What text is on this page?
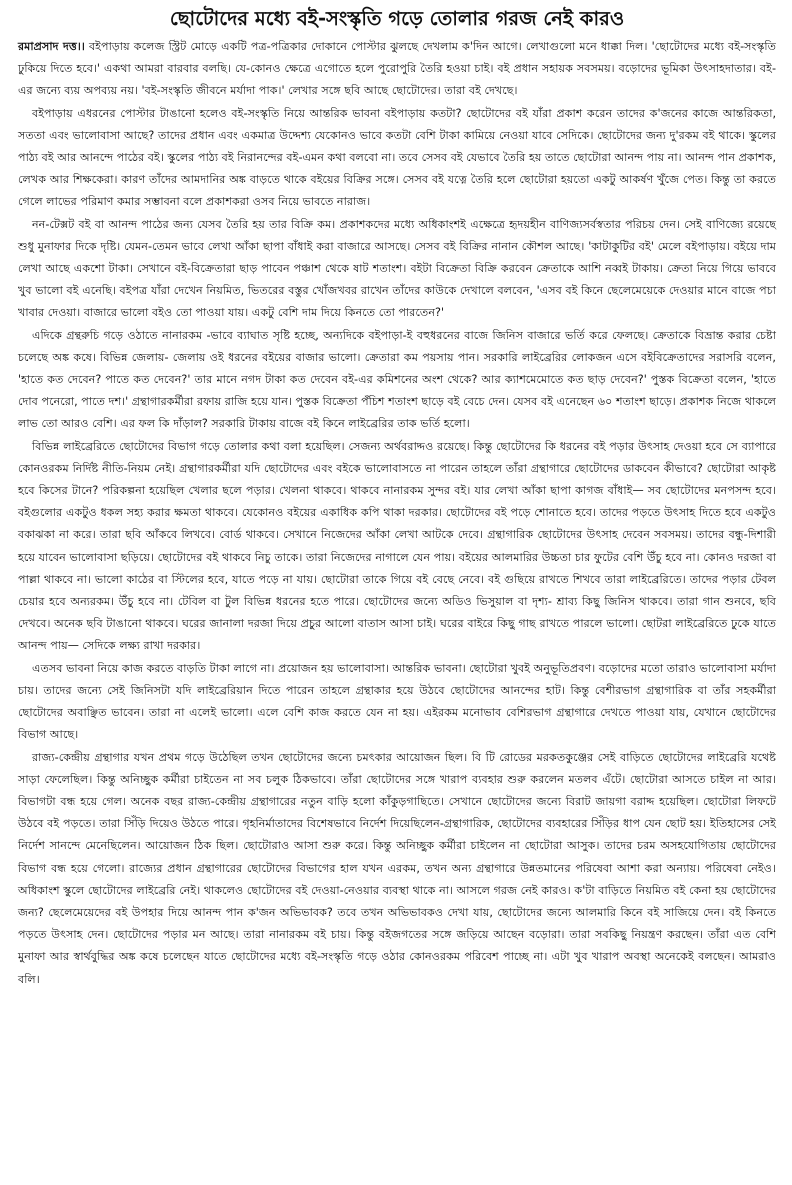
ছোটোদের মধ্যে বই-সংস্কৃতি গড়ে তোলার গরজ নেই কারও

রমাপ্রসাদ দত্ত।। বইপাড়ায় কলেজ স্ট্রিট মোড়ে একটি পত্র-পত্রিকার দোকানে পোস্টার ঝুলছে দেখলাম ক'দিন আগে। লেখাগুলো মনে ধাক্কা দিল। 'ছোটোদের মধ্যে বই-সংস্কৃতি ঢুকিয়ে দিতে হবে।' একথা আমরা বারবার বলছি। যে-কোনও ক্ষেত্রে এগোতে হলে পুরোপুরি তৈরি হওয়া চাই। বই প্রধান সহায়ক সবসময়। বড়োদের ভূমিকা উৎসাহদাতার। বই-এর জন্যে ব্যয় অপব্যয় নয়। 'বই-সংস্কৃতি জীবনে মর্যাদা পাক।' লেখার সঙ্গে ছবি আছে ছোটোদের। তারা বই দেখছে।

বইপাড়ায় এধরনের পোস্টার টাঙানো হলেও বই-সংস্কৃতি নিয়ে আন্তরিক ভাবনা বইপাড়ায় কতটা? ছোটোদের বই যাঁরা প্রকাশ করেন তাদের ক'জনের কাজে আন্তরিকতা, সততা এবং ভালোবাসা আছে? তাদের প্রধান এবং একমাত্র উদ্দেশ্য যেকোনও ভাবে কতটা বেশি টাকা কামিয়ে নেওয়া যাবে সেদিকে। ছোটোদের জন্য দু'রকম বই থাকে। স্কুলের পাঠ্য বই আর আনন্দে পাঠের বই। স্কুলের পাঠ্য বই নিরানন্দের বই-এমন কথা বলবো না। তবে সেসব বই যেভাবে তৈরি হয় তাতে ছোটোরা আনন্দ পায় না। আনন্দ পান প্রকাশক, লেখক আর শিক্ষকেরা। কারণ তাঁদের আমদানির অঙ্ক বাড়তে থাকে বইয়ের বিক্রির সঙ্গে। সেসব বই যত্নে তৈরি হলে ছোটোরা হয়তো একটু আকর্ষণ খুঁজে পেত। কিন্তু তা করতে গেলে লাভের পরিমাণ কমার সম্ভাবনা বলে প্রকাশকরা ওসব নিয়ে ভাবতে নারাজ।

নন-টেক্সট বই বা আনন্দ পাঠের জন্য যেসব তৈরি হয় তার বিক্রি কম। প্রকাশকদের মধ্যে অধিকাংশই এক্ষেত্রে হৃদয়হীন বাণিজ্যসর্বস্বতার পরিচয় দেন। সেই বাণিজ্যে রয়েছে শুধু মুনাফার দিকে দৃষ্টি। যেমন-তেমন ভাবে লেখা আঁকা ছাপা বাঁধাই করা বাজারে আসছে। সেসব বই বিক্রির নানান কৌশল আছে। 'কাটাকুটির বই' মেলে বইপাড়ায়। বইয়ে দাম লেখা আছে একশো টাকা। সেখানে বই-বিক্রেতারা ছাড় পাবেন পঞ্চাশ থেকে ষাট শতাংশ। বইটা বিক্রেতা বিক্রি করবেন ক্রেতাকে আশি নব্বই টাকায়। ক্রেতা নিয়ে গিয়ে ভাববে খুব ভালো বই এনেছি। বইপত্র যাঁরা দেখেন নিয়মিত, ভিতরের বস্তুর খোঁজখবর রাখেন তাঁদের কাউকে দেখালে বলবেন, 'এসব বই কিনে ছেলেমেয়েকে দেওয়ার মানে বাজে পচা খাবার দেওয়া। বাজারে ভালো বইও তো পাওয়া যায়। একটু বেশি দাম দিয়ে কিনতে তো পারতেন?'

এদিকে গ্রন্থরুচি গড়ে ওঠাতে নানারকম -ভাবে ব্যাঘাত সৃষ্টি হচ্ছে, অন্যদিকে বইপাড়া-ই বহুধরনের বাজে জিনিস বাজারে ভর্তি করে ফেলছে। ক্রেতাকে বিভ্রান্ত করার চেষ্টা চলেছে অঙ্ক কষে। বিভিন্ন জেলায়- জেলায় ওই ধরনের বইয়ের বাজার ভালো। ক্রেতারা কম পয়সায় পান। সরকারি লাইব্রেরির লোকজন এসে বইবিক্রেতাদের সরাসরি বলেন, 'হাতে কত দেবেন? পাতে কত দেবেন?' তার মানে নগদ টাকা কত দেবেন বই-এর কমিশনের অংশ থেকে? আর ক্যাশমেমোতে কত ছাড় দেবেন?' পুস্তক বিক্রেতা বলেন, 'হাতে দোব পনেরো, পাতে দশ।' গ্রন্থাগারকর্মীরা রফায় রাজি হয়ে যান। পুস্তক বিক্রেতা পঁচিশ শতাংশ ছাড়ে বই বেচে দেন। যেসব বই এনেছেন ৬০ শতাংশ ছাড়ে। প্রকাশক নিজে থাকলে লাভ তো আরও বেশি। এর ফল কি দাঁড়াল? সরকারি টাকায় বাজে বই কিনে লাইব্রেরির তাক ভর্তি হলো।

বিভিন্ন লাইব্রেরিতে ছোটোদের বিভাগ গড়ে তোলার কথা বলা হয়েছিল। সেজন্য অর্থবরাদ্দও রয়েছে। কিন্তু ছোটোদের কি ধরনের বই পড়ার উৎসাহ দেওয়া হবে সে ব্যাপারে কোনওরকম নির্দিষ্ট নীতি-নিয়ম নেই। গ্রন্থাগারকর্মীরা যদি ছোটোদের এবং বইকে ভালোবাসতে না পারেন তাহলে তাঁরা গ্রন্থাগারে ছোটোদের ডাকবেন কীভাবে? ছোটোরা আকৃষ্ট হবে কিসের টানে? পরিকল্পনা হয়েছিল খেলার ছলে পড়ার। খেলনা থাকবে। থাকবে নানারকম সুন্দর বই। যার লেখা আঁকা ছাপা কাগজ বাঁধাই— সব ছোটোদের মনপসন্দ হবে। বইগুলোর একটুও ধকল সহ্য করার ক্ষমতা থাকবে। যেকোনও বইয়ের একাধিক কপি থাকা দরকার। ছোটোদের বই পড়ে শোনাতে হবে। তাদের পড়তে উৎসাহ দিতে হবে একটুও বকাঝকা না করে। তারা ছবি আঁকবে লিখবে। বোর্ড থাকবে। সেখানে নিজেদের আঁকা লেখা আটকে দেবে। গ্রন্থাগারিক ছোটোদের উৎসাহ দেবেন সবসময়। তাদের বন্ধু-দিশারী হয়ে যাবেন ভালোবাসা ছড়িয়ে। ছোটোদের বই থাকবে নিচু তাকে। তারা নিজেদের নাগালে যেন পায়। বইয়ের আলমারির উচ্চতা চার ফুটের বেশি উঁচু হবে না। কোনও দরজা বা পাল্লা থাকবে না। ভালো কাঠের বা স্টিলের হবে, যাতে পড়ে না যায়। ছোটোরা তাকে গিয়ে বই বেছে নেবে। বই গুছিয়ে রাখতে শিখবে তারা লাইব্রেরিতে। তাদের পড়ার টেবল চেয়ার হবে অন্যরকম। উঁচু হবে না। টেবিল বা টুল বিভিন্ন ধরনের হতে পারে। ছোটোদের জন্যে অডিও ভিসুয়াল বা দৃশ্য- শ্রাব্য কিছু জিনিস থাকবে। তারা গান শুনবে, ছবি দেখবে। অনেক ছবি টাঙানো থাকবে। ঘরের জানালা দরজা দিয়ে প্রচুর আলো বাতাস আসা চাই। ঘরের বাইরে কিছু গাছ রাখতে পারলে ভালো। ছোটরা লাইব্রেরিতে ঢুকে যাতে আনন্দ পায়— সেদিকে লক্ষ্য রাখা দরকার।

এতসব ভাবনা নিয়ে কাজ করতে বাড়তি টাকা লাগে না। প্রয়োজন হয় ভালোবাসা। আন্তরিক ভাবনা। ছোটোরা খুবই অনুভূতিপ্রবণ। বড়োদের মতো তারাও ভালোবাসা মর্যাদা চায়। তাদের জন্যে সেই জিনিসটা যদি লাইব্রেরিয়ান দিতে পারেন তাহলে গ্রন্থাকার হয়ে উঠবে ছোটোদের আনন্দের হাট। কিন্তু বেশীরভাগ গ্রন্থাগারিক বা তাঁর সহকর্মীরা ছোটোদের অবাঞ্ছিত ভাবেন। তারা না এলেই ভালো। এলে বেশি কাজ করতে যেন না হয়। এইরকম মনোভাব বেশিরভাগ গ্রন্থাগারে দেখতে পাওয়া যায়, যেখানে ছোটোদের বিভাগ আছে।

রাজ্য-কেন্দ্রীয় গ্রন্থাগার যখন প্রথম গড়ে উঠেছিল তখন ছোটোদের জন্যে চমৎকার আয়োজন ছিল। বি টি রোডের মরকতকুঞ্জের সেই বাড়িতে ছোটোদের লাইব্রেরি যথেষ্ট সাড়া ফেলেছিল। কিন্তু অনিচ্ছুক কর্মীরা চাইতেন না সব চলুক ঠিকভাবে। তাঁরা ছোটোদের সঙ্গে খারাপ ব্যবহার শুরু করলেন মতলব এঁটে। ছোটোরা আসতে চাইল না আর। বিভাগটা বন্ধ হয়ে গেল। অনেক বছর রাজ্য-কেন্দ্রীয় গ্রন্থাগারের নতুন বাড়ি হলো কাঁকুড়গাছিতে। সেখানে ছোটোদের জন্যে বিরাট জায়গা বরাদ্দ হয়েছিল। ছোটোরা লিফটে উঠবে বই পড়তে। তারা সিঁড়ি দিয়েও উঠতে পারে। গৃহনির্মাতাদের বিশেষভাবে নির্দেশ দিয়েছিলেন-গ্রন্থাগারিক, ছোটোদের ব্যবহারের সিঁড়ির ধাপ যেন ছোট হয়। ইতিহাসের সেই নির্দেশ সানন্দে মেনেছিলেন। আয়োজন ঠিক ছিল। ছোটোরাও আসা শুরু করে। কিন্তু অনিচ্ছুক কর্মীরা চাইলেন না ছোটোরা আসুক। তাদের চরম অসহযোগিতায় ছোটোদের বিভাগ বন্ধ হয়ে গেলো। রাজ্যের প্রধান গ্রন্থাগারের ছোটোদের বিভাগের হাল যখন এরকম, তখন অন্য গ্রন্থাগারে উন্নতমানের পরিষেবা আশা করা অন্যায়। পরিষেবা নেইও। অধিকাংশ স্কুলে ছোটোদের লাইব্রেরি নেই। থাকলেও ছোটোদের বই দেওয়া-নেওয়ার ব্যবস্থা থাকে না। আসলে গরজ নেই কারও। ক'টা বাড়িতে নিয়মিত বই কেনা হয় ছোটোদের জন্য? ছেলেমেয়েদের বই উপহার দিয়ে আনন্দ পান ক'জন অভিভাবক? তবে তখন অভিভাবকও দেখা যায়, ছোটোদের জন্যে আলমারি কিনে বই সাজিয়ে দেন। বই কিনতে পড়তে উৎসাহ দেন। ছোটোদের পড়ার মন আছে। তারা নানারকম বই চায়। কিন্তু বইজগতের সঙ্গে জড়িয়ে আছেন বড়োরা। তারা সবকিছু নিয়ন্ত্রণ করছেন। তাঁরা এত বেশি মুনাফা আর স্বার্থবুদ্ধির অঙ্ক কষে চলেছেন যাতে ছোটোদের মধ্যে বই-সংস্কৃতি গড়ে ওঠার কোনওরকম পরিবেশ পাচ্ছে না। এটা খুব খারাপ অবস্থা অনেকেই বলছেন। আমরাও বলি।
